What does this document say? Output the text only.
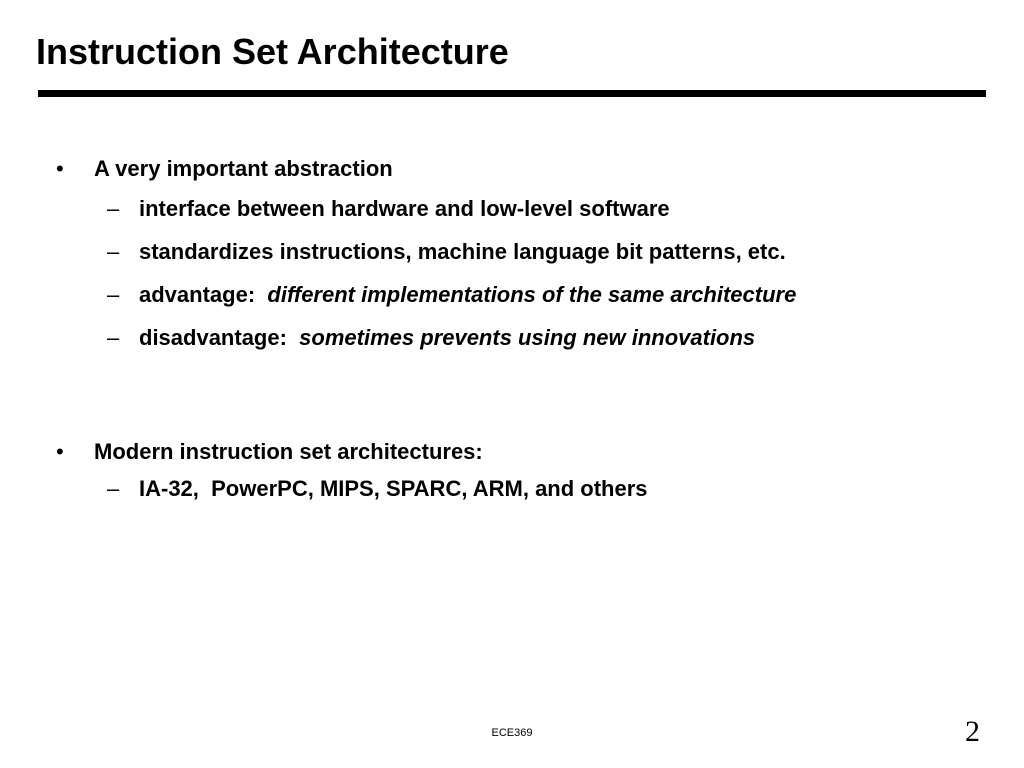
Instruction Set Architecture
• A very important abstraction
– interface between hardware and low-level software
– standardizes instructions, machine language bit patterns, etc.
– advantage: different implementations of the same architecture
– disadvantage: sometimes prevents using new innovations
• Modern instruction set architectures:
– IA-32,  PowerPC, MIPS, SPARC, ARM, and others
ECE369	2
